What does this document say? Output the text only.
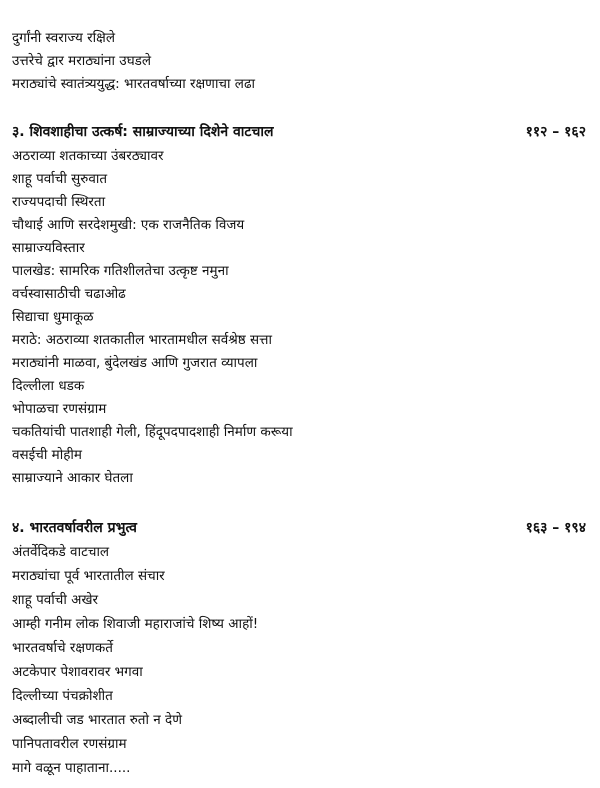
दुर्गांनी स्वराज्य रक्षिले
उत्तरेचे द्वार मराठ्यांना उघडले
मराठ्यांचे स्वातंत्र्ययुद्ध: भारतवर्षाच्या रक्षणाचा लढा
३. शिवशाहीचा उत्कर्ष: साम्राज्याच्या दिशेने वाटचाल	११२ – १६२
अठराव्या शतकाच्या उंबरठ्यावर
शाहू पर्वाची सुरुवात
राज्यपदाची स्थिरता
चौथाई आणि सरदेशमुखी: एक राजनैतिक विजय
साम्राज्यविस्तार
पालखेड: सामरिक गतिशीलतेचा उत्कृष्ट नमुना
वर्चस्वासाठीची चढाओढ
सिद्याचा धुमाकूळ
मराठे: अठराव्या शतकातील भारतामधील सर्वश्रेष्ठ सत्ता
मराठ्यांनी माळवा, बुंदेलखंड आणि गुजरात व्यापला
दिल्लीला धडक
भोपाळचा रणसंग्राम
चकतियांची पातशाही गेली, हिंदूपदपादशाही निर्माण करूया
वसईची मोहीम
साम्राज्याने आकार घेतला
४. भारतवर्षावरील प्रभुत्व	१६३ – १९४
अंतर्वेदिकडे वाटचाल
मराठ्यांचा पूर्व भारतातील संचार
शाहू पर्वाची अखेर
आम्ही गनीम लोक शिवाजी महाराजांचे शिष्य आहों!
भारतवर्षाचे रक्षणकर्ते
अटकेपार पेशावरावर भगवा
दिल्लीच्या पंचक्रोशीत
अब्दालीची जड भारतात रुतो न देणे
पानिपतावरील रणसंग्राम
मागे वळून पाहाताना.....
